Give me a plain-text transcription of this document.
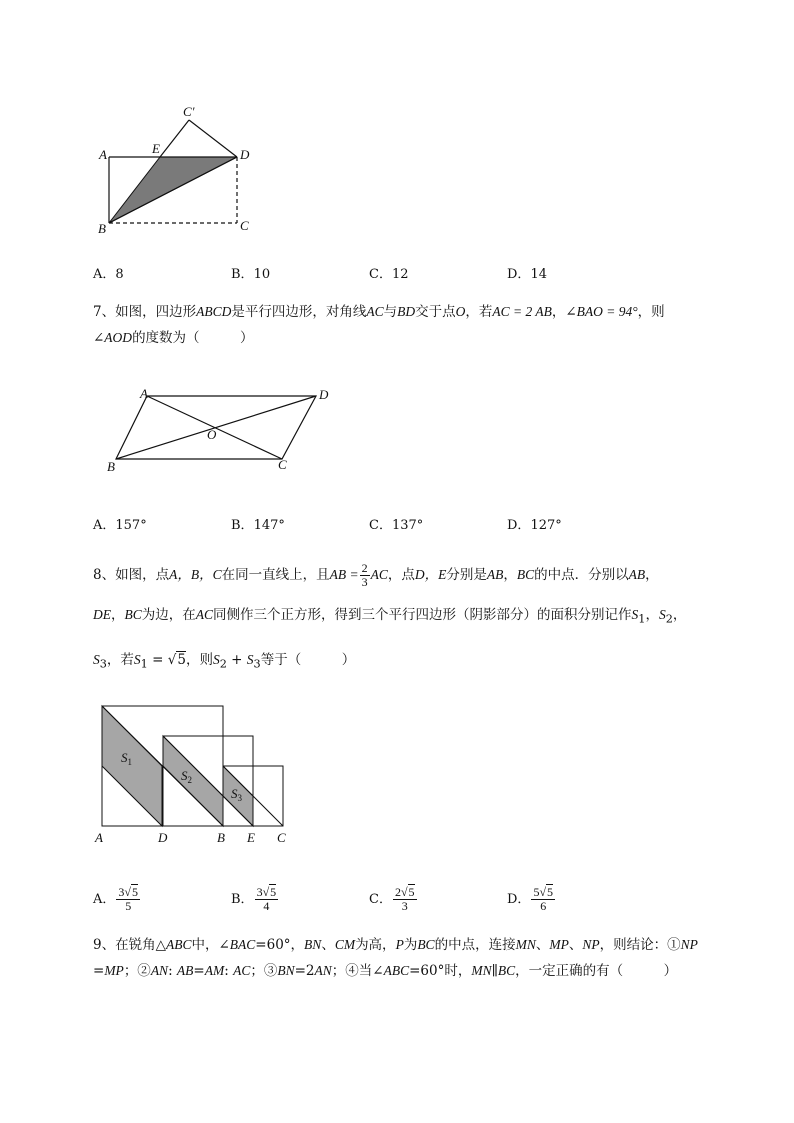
C′
A	E	D
B	C
A．8	B．10	C．12	D．14
7、如图，四边形ABCD是平行四边形，对角线AC与BD交于点O，若AC = 2 AB，∠BAO = 94°，则
∠AOD的度数为（　　　）
A	D
O
B	C
A．157°	B．147°	C．137°	D．127°
8、如图，点A，B，C在同一直线上，且AB = $\frac{2}{3}$ AC，点D，E分别是AB，BC的中点．分别以AB，
DE，BC为边，在AC同侧作三个正方形，得到三个平行四边形（阴影部分）的面积分别记作$S_1$，$S_2$，
$S_3$，若$S_1 = √5$，则$S_2 + S_3$等于（　　　）
$S_1$
$S_2$
$S_3$
A	D	B E C
A． $\frac{3√5}{5}$	B． $\frac{3√5}{4}$	C． $\frac{2√5}{3}$	D． $\frac{5√5}{6}$
9、在锐角△ABC中，∠BAC=60°，BN、CM为高，P为BC的中点，连接MN、MP、NP，则结论：①NP
=MP；②AN: AB=AM: AC；③BN=2AN；④当∠ABC=60°时，MN∥BC，一定正确的有（　　　）
